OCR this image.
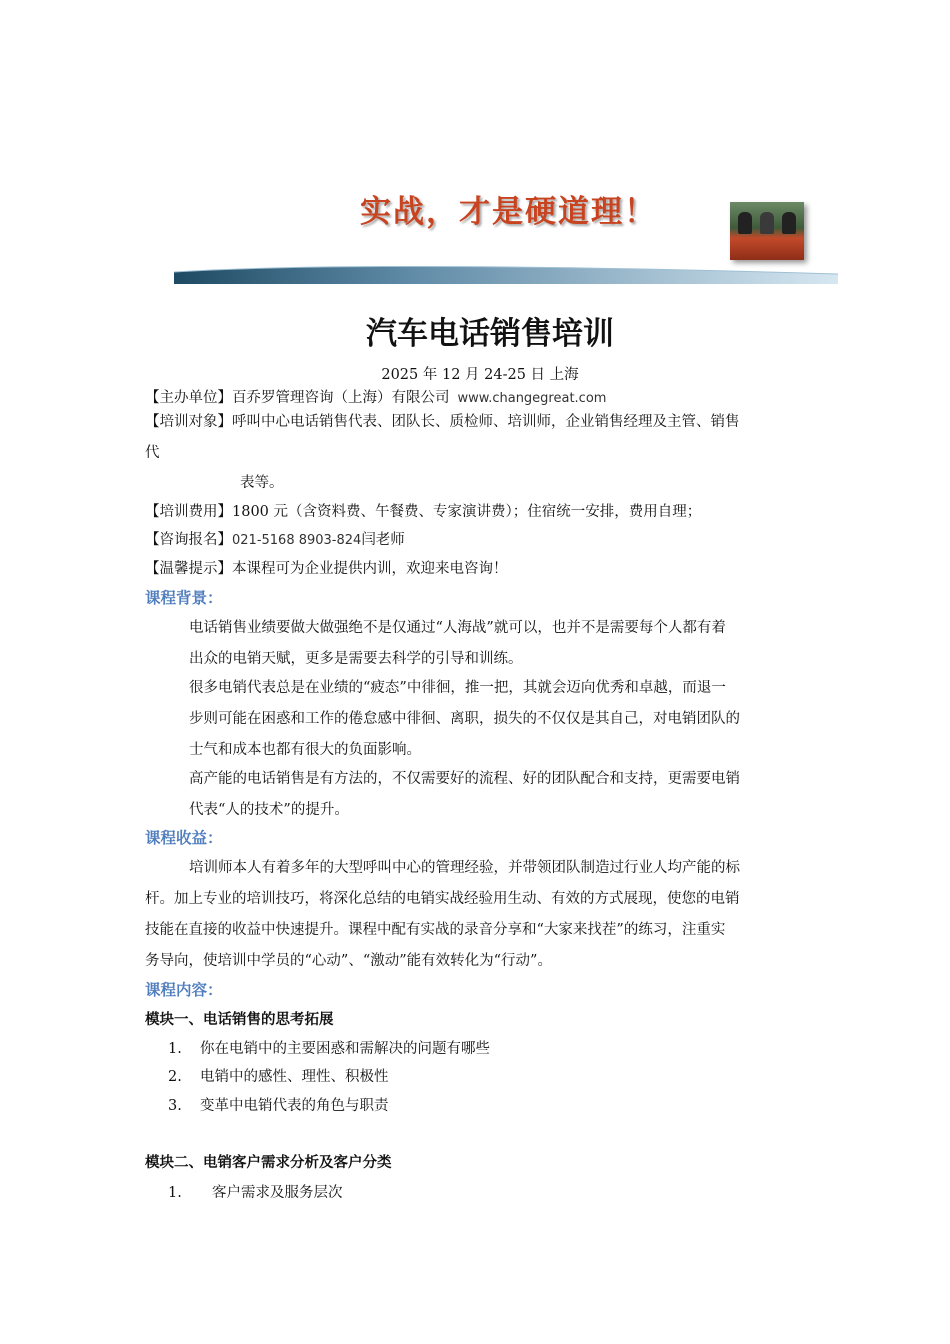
实战，才是硬道理！
汽车电话销售培训
2025 年 12 月 24-25 日 上海
【主办单位】百乔罗管理咨询（上海）有限公司 www.changegreat.com
【培训对象】呼叫中心电话销售代表、团队长、质检师、培训师，企业销售经理及主管、销售
代
表等。
【培训费用】1800 元（含资料费、午餐费、专家演讲费）；住宿统一安排，费用自理；
【咨询报名】021-5168 8903-824闫老师
【温馨提示】本课程可为企业提供内训，欢迎来电咨询！
课程背景：
电话销售业绩要做大做强绝不是仅通过“人海战”就可以，也并不是需要每个人都有着
出众的电销天赋，更多是需要去科学的引导和训练。
很多电销代表总是在业绩的“疲态”中徘徊，推一把，其就会迈向优秀和卓越，而退一
步则可能在困惑和工作的倦怠感中徘徊、离职，损失的不仅仅是其自己，对电销团队的
士气和成本也都有很大的负面影响。
高产能的电话销售是有方法的，不仅需要好的流程、好的团队配合和支持，更需要电销
代表“人的技术”的提升。
课程收益：
培训师本人有着多年的大型呼叫中心的管理经验，并带领团队制造过行业人均产能的标
杆。加上专业的培训技巧，将深化总结的电销实战经验用生动、有效的方式展现，使您的电销
技能在直接的收益中快速提升。课程中配有实战的录音分享和“大家来找茬”的练习，注重实
务导向，使培训中学员的“心动”、“激动”能有效转化为“行动”。
课程内容：
模块一、电话销售的思考拓展
1. 你在电销中的主要困惑和需解决的问题有哪些
2. 电销中的感性、理性、积极性
3. 变革中电销代表的角色与职责
模块二、电销客户需求分析及客户分类
1. 客户需求及服务层次
